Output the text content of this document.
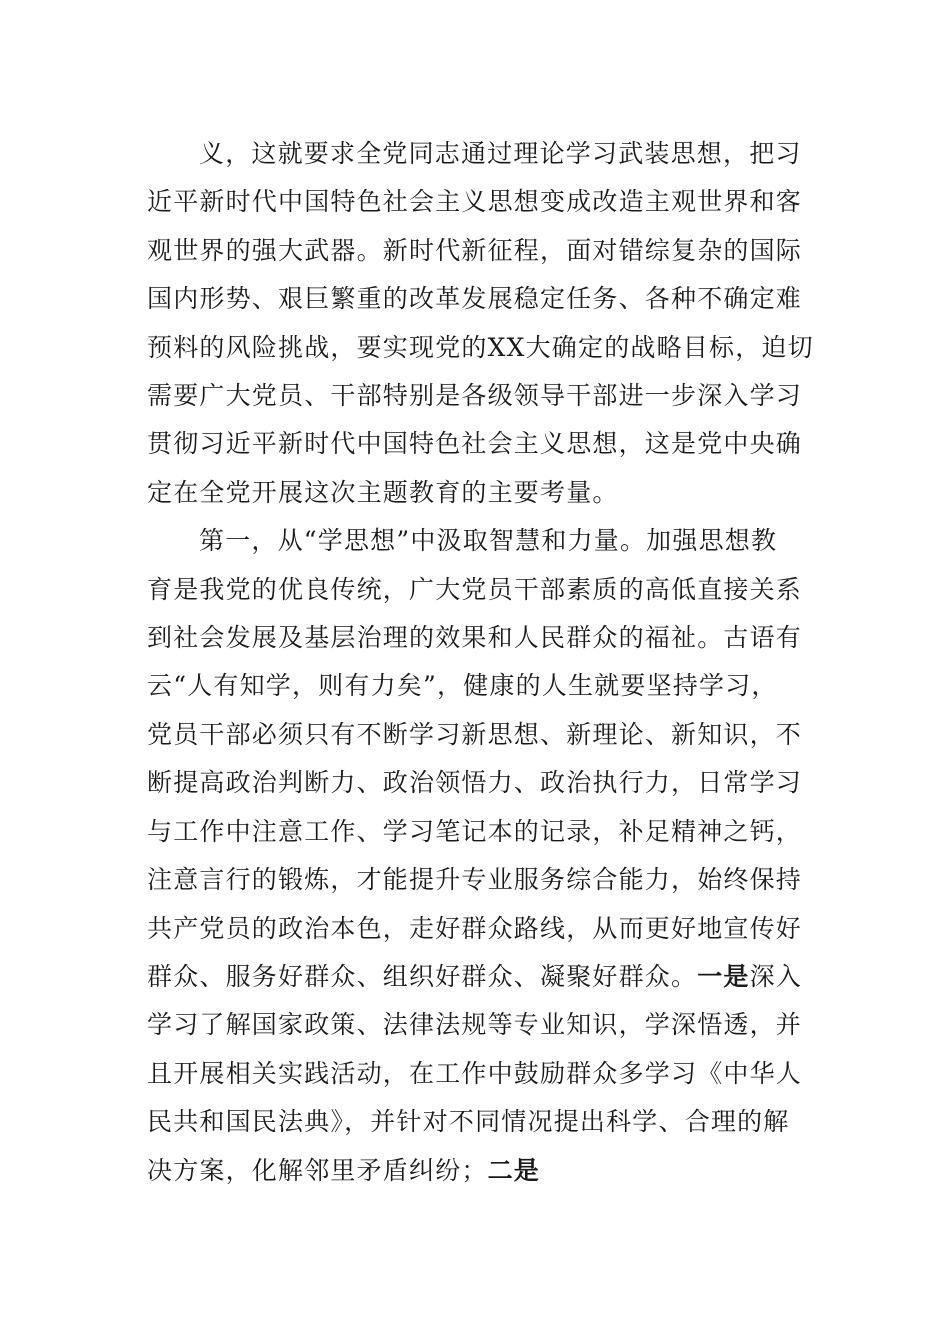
义，这就要求全党同志通过理论学习武装思想，把习
近平新时代中国特色社会主义思想变成改造主观世界和客
观世界的强大武器。新时代新征程，面对错综复杂的国际
国内形势、艰巨繁重的改革发展稳定任务、各种不确定难
预料的风险挑战，要实现党的XX大确定的战略目标，迫切
需要广大党员、干部特别是各级领导干部进一步深入学习
贯彻习近平新时代中国特色社会主义思想，这是党中央确
定在全党开展这次主题教育的主要考量。
第一，从“学思想”中汲取智慧和力量。加强思想教
育是我党的优良传统，广大党员干部素质的高低直接关系
到社会发展及基层治理的效果和人民群众的福祉。古语有
云“人有知学，则有力矣”，健康的人生就要坚持学习，
党员干部必须只有不断学习新思想、新理论、新知识，不
断提高政治判断力、政治领悟力、政治执行力，日常学习
与工作中注意工作、学习笔记本的记录，补足精神之钙，
注意言行的锻炼，才能提升专业服务综合能力，始终保持
共产党员的政治本色，走好群众路线，从而更好地宣传好
群众、服务好群众、组织好群众、凝聚好群众。一是深入
学习了解国家政策、法律法规等专业知识，学深悟透，并
且开展相关实践活动，在工作中鼓励群众多学习《中华人
民共和国民法典》，并针对不同情况提出科学、合理的解
决方案，化解邻里矛盾纠纷；二是
